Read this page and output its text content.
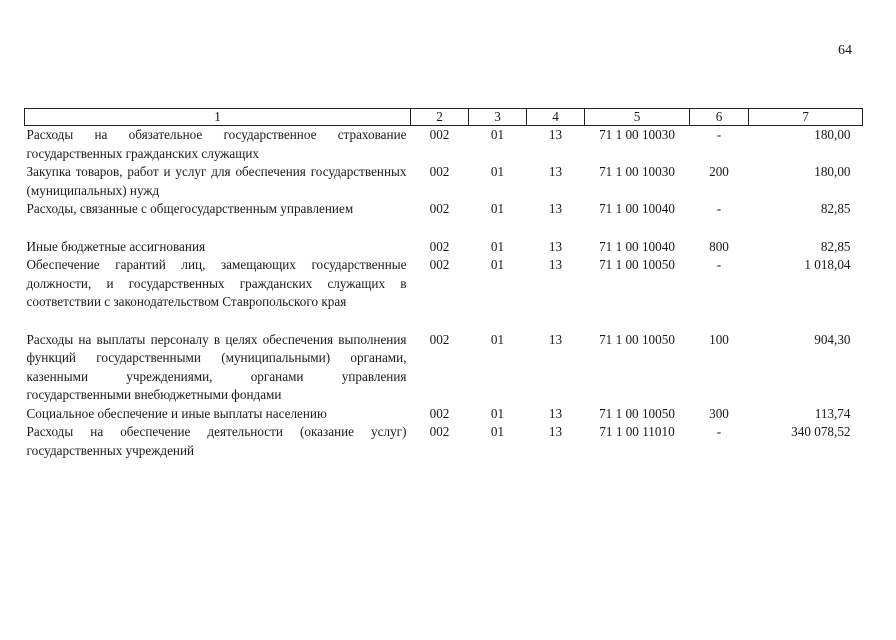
64
1	2	3	4	5	6	7
Расходы на обязательное государственное страхование государственных гражданских служащих	002	01	13	71 1 00 10030	-	180,00
Закупка товаров, работ и услуг для обеспечения государственных (муниципальных) нужд	002	01	13	71 1 00 10030	200	180,00
Расходы, связанные с общегосударственным управлением	002	01	13	71 1 00 10040	-	82,85
Иные бюджетные ассигнования	002	01	13	71 1 00 10040	800	82,85
Обеспечение гарантий лиц, замещающих государственные должности, и государственных гражданских служащих в соответствии с законодательством Ставропольского края	002	01	13	71 1 00 10050	-	1 018,04
Расходы на выплаты персоналу в целях обеспечения выполнения функций государственными (муниципальными) органами, казенными учреждениями, органами управления государственными внебюджетными фондами	002	01	13	71 1 00 10050	100	904,30
Социальное обеспечение и иные выплаты населению	002	01	13	71 1 00 10050	300	113,74
Расходы на обеспечение деятельности (оказание услуг) государственных учреждений	002	01	13	71 1 00 11010	-	340 078,52
